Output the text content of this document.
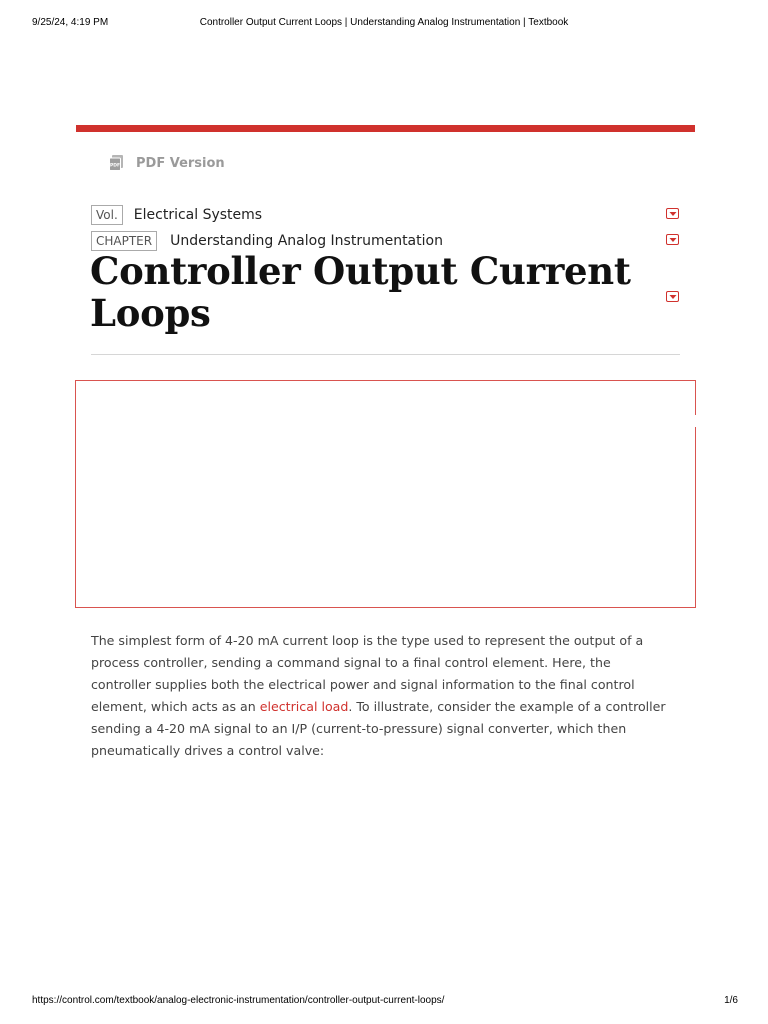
9/25/24, 4:19 PM	Controller Output Current Loops | Understanding Analog Instrumentation | Textbook
PDF PDF Version
Vol.	Electrical Systems
CHAPTER	Understanding Analog Instrumentation
Controller Output Current Loops

The simplest form of 4-20 mA current loop is the type used to represent the output of a process controller, sending a command signal to a final control element. Here, the controller supplies both the electrical power and signal information to the final control element, which acts as an electrical load. To illustrate, consider the example of a controller sending a 4-20 mA signal to an I/P (current-to-pressure) signal converter, which then pneumatically drives a control valve:

https://control.com/textbook/analog-electronic-instrumentation/controller-output-current-loops/	1/6
